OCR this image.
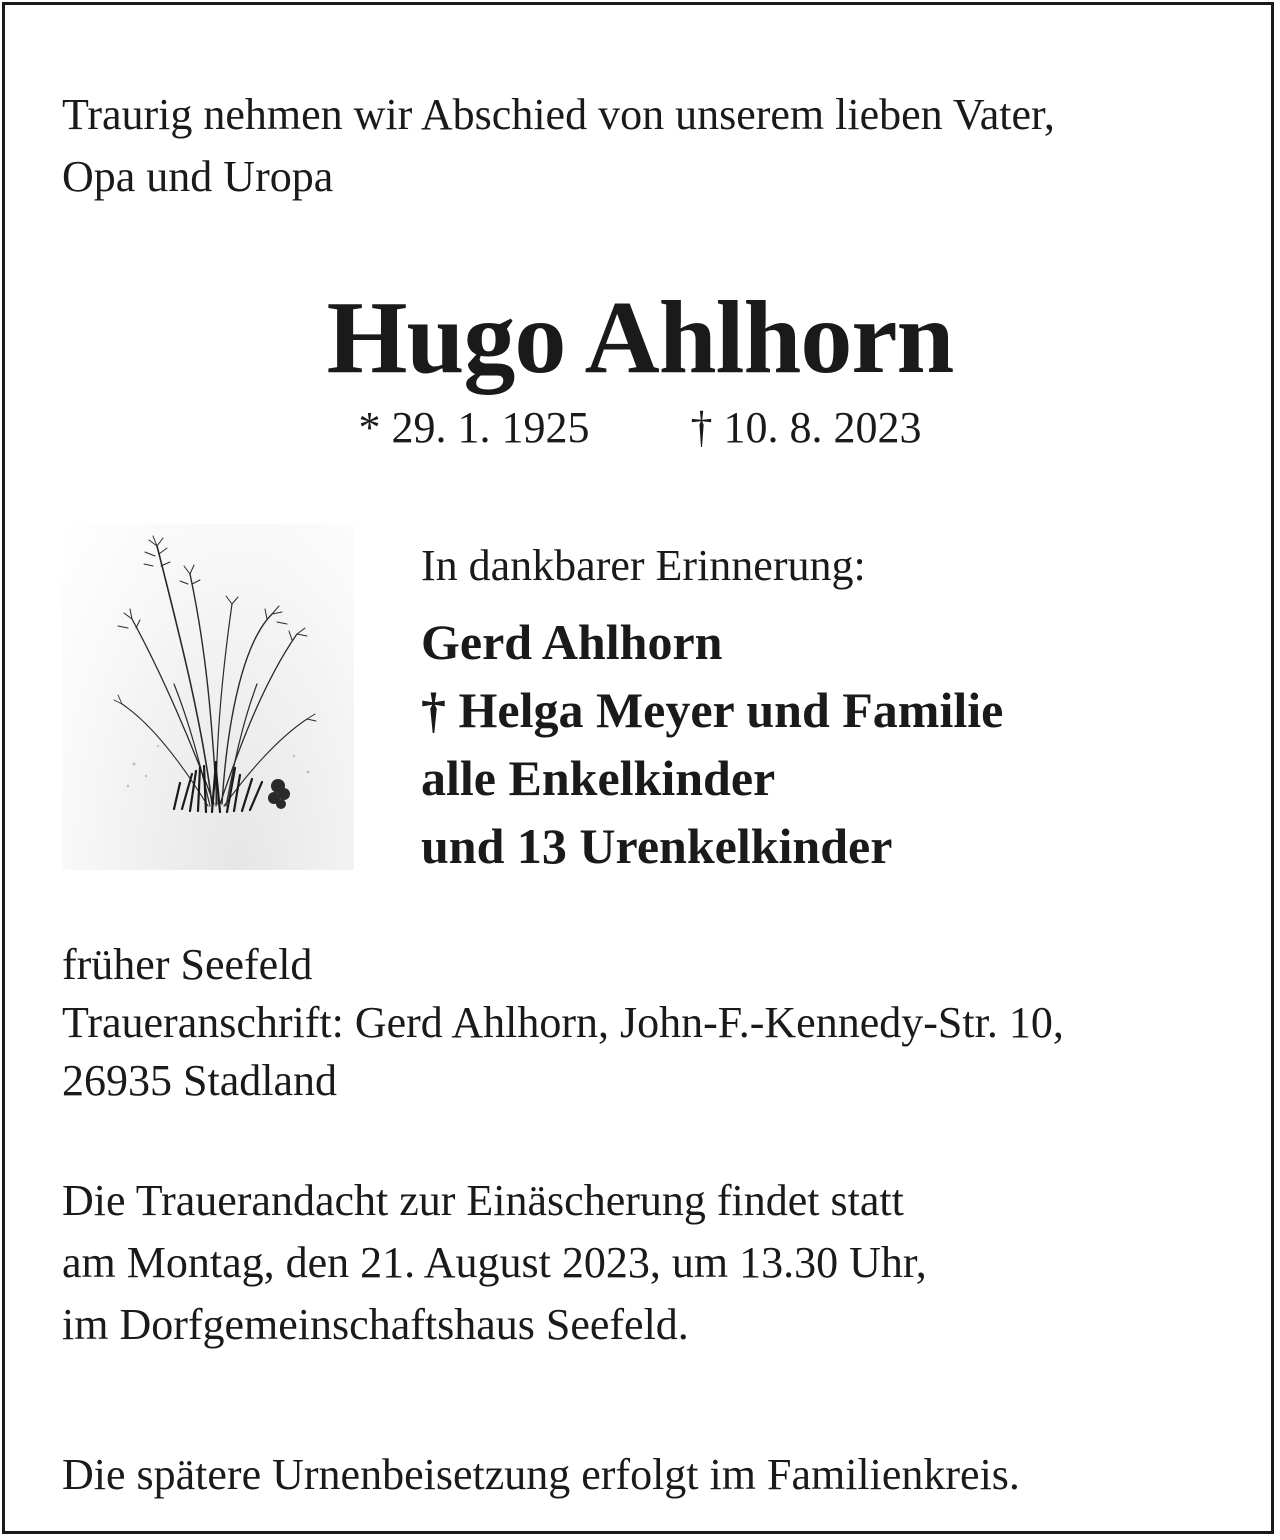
Traurig nehmen wir Abschied von unserem lieben Vater,
Opa und Uropa

Hugo Ahlhorn
* 29. 1. 1925 † 10. 8. 2023

In dankbarer Erinnerung:

Gerd Ahlhorn
† Helga Meyer und Familie
alle Enkelkinder
und 13 Urenkelkinder
früher Seefeld
Traueranschrift: Gerd Ahlhorn, John-F.-Kennedy-Str. 10,
26935 Stadland
Die Trauerandacht zur Einäscherung findet statt
am Montag, den 21. August 2023, um 13.30 Uhr,
im Dorfgemeinschaftshaus Seefeld.

Die spätere Urnenbeisetzung erfolgt im Familienkreis.
